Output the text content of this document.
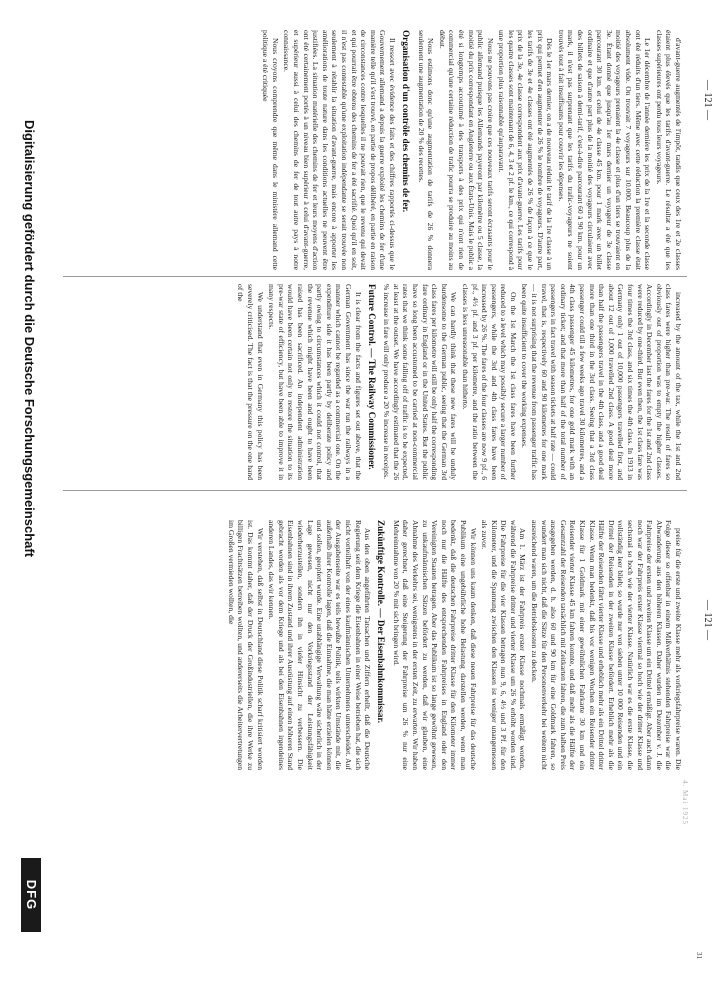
— 121 —
— 121 —
31
4. Mai 1925

d'avant-guerre augmentés de l'impôt, tandis que ceux des 1re et 2e classes étaient plus élevés que les tarifs d'avant-guerre. Le résultat a été que les classes supérieures ont perdu tous leurs voyageurs.

Le 1er décembre de l'année dernière les prix de la 1re et la seconde classe ont été réduits d'un tiers. Même avec cette réduction la première classe était absolument vide. On trouvait 7 voyageurs sur 10.000. Beaucoup plus de la moitié des voyageurs prenaient la 4e classe et plus d'un tiers se trouvaient en 3e. Étant donné que jusqu'au 1er mars dernier un voyageur de 3e classe parcourant 30 km. et celui de 4e classe 45 km. pour 1 mark avec un billet ordinaire et que d'autre part plus de la moitié des voyageurs circulaient avec des billets de saison à demi-tarif, c'est-à-dire parcourant 60 à 90 km. pour un mark, il n'est pas surprenant que les tarifs du trafic-voyageurs ne soient trouvés tout à fait insuffisants pour couvrir les dépenses.

Dès le 1er mars dernier, on a de nouveau réduit le tarif de la 1re classe à un prix qui permet d'en augmenter de 26 % le nombre de voyageurs. D'autre part, les tarifs de 3e et 4e classes ont été augmentés de 26 % de façon à ce que le prix de la 3e, 4e classe correspondent aux prix d'avant-guerre. Les tarifs pour les quatre classes sont maintenant de 6, 4, 3 et 2 pf. le km., ce qui correspond à une proportion plus raisonnable qu'auparavant.

Nous ne pouvons pas croire que ces nouveaux tarifs seront écrasants pour le public allemand puisque les Allemands payeront par kilomètre ou 5 classe, la moitié du prix correspondant en Angleterre ou aux États-Unis. Mais le public a été si longtemps accoutumé à des transports à des prix qui n'ont rien de commercial qu'une certaine réduction de trafic pourra se produire au moins au début.

Nous estimons donc qu'une augmentation de tarifs de 26 % donnera seulement une augmentation de 20 % des recettes.

Organisation d'un contrôle des chemins de fer.

Il ressort avec évidence des faits et des chiffres rapportés ci-dessus que le Gouvernement allemand a depuis la guerre exploité les chemins de fer d'une manière telle qu'il s'est trouvé, en partie de propos délibéré, en partie en raison de circonstances contre lesquelles il ne pouvait rien, que le revenu qui devait et qui pourrait être obtenu des chemins de fer a été sacrifié. Quoi qu'il en soit, il n'est pas contestable qu'une exploitation indépendante se serait trouvée non seulement à rétablir la situation d'avant-guerre, mais encore à apporter les améliorations de toute nature dans les conditions actuelles ne peuvent être justifiées. La situation matérielle des chemins de fer et leurs moyens d'action ont été certainement portés à un niveau bien supérieur à celui d'avant-guerre, et supérieur aussi à celui des chemins de fer de tout autre pays à notre connaissance.

Nous croyons comprendre que même dans le ministère allemand cette politique a été critiquée

increased by the amount of the tax, while the 1st and 2nd class fares were higher than pre-war. The result of fares so obviously out of proportion was to empty the higher classes. Accordingly in December last the fares for the 1st and 2nd class were reduced by one-third. But even then, the 1st class fare was four times the 3rd class, and six times the 4th class. In 1913 in Germany only 1 out of 10,000 passengers travelled first, and about 12 out of 1,000 travelled 2nd class. A good deal more than half the passengers travel in the 4th class, and a good deal more than one third in the 3rd class. Seeing that a 3rd class passenger could till a few weeks ago travel 30 kilometres, and a 4th class passenger 45 kilometres, for one gold mark with an ordinary ticket; and that more than half of the total number of passengers in fact travel with season tickets at half rate — could travel, that is, respectively 60 and 90 kilometres for one mark — it is not surprising that the revenue from passenger traffic has been quite insufficient to cover the working expenses.

On the 1st March the 1st class fares have been further reduced to a level which may possibly secure a larger number of passengers, while the 3rd and 4th class fares have been increased by 26 %. The fares of the four classes are now 9 pf., 6 pf., 4½ pf. and 3 pf. per kilometre, and the ratio between the classes is less unreasonable than hitherto.

We can hardly think that these new fares will be unduly burdensome to the German public, seeing that the German 3rd class fares per kilometre will still be only half the corresponding fare ordinary in England or in the United States. But the public have so long been accustomed to be carried at non-commercial rates that we think some falling off of traffic is to be expected, at least at the outset. We have accordingly estimated that the 26 % increase in fare will only produce a 20 % increase in receipts.

Future Control. — The Railway Commissioner.

It is clear from the facts and figures set out above, that the German Government has since the war run the railways in a manner which cannot be regarded as a commercial one. On the expenditure side it has been partly by deliberate policy and partly owing to circumstances which it could not control, that the revenue which might have been and ought to have been raised has been sacrificed. An independent administration would have been certain not only to restore the situation to its pre-war state of efficiency, but have been able to improve it in many respects.

We understand that even in Germany this policy has been severely criticised. The fact is that the pressure on the one hand of the

preise für die erste und zweite Klasse mehr als vorkriegsfahrpreise waren. Die Folge dieser so offenbar in einem Mißverhältnis stehenden Fahrpreise war die Abwanderung aus den höheren Klassen. Daher wurden im Dezember v. J. die Fahrpreise der ersten und zweiten Klasse um ein Drittel ermäßigt. Aber auch dann noch war der Fahrpreis erster Klasse viermal so hoch wie der dritter Klasse und sechsmal so hoch wie der vierter Klasse. Natürlich war es die erste Klasse, die vollständig leer blieb; so wurde nur von sieben unter 10 000 Reisenden und ein Drittel der Reisenden in der zweiten Klasse befördert. Erheblich mehr als die Hälfte der Reisenden fährt vierter Klasse und erheblich mehr als ein Drittel dritter Klasse. Wenn man bedenkt, daß bis vor wenigen Wochen ein Reisender dritter Klasse für 1 Goldmark mit einer gewöhnlichen Fahrkarte 30 km und ein Reisender vierter Klasse 45 km fahren konnte, und daß mehr als die Hälfte der Gesamtzahl der Reisenden tatsächlich mit Zeitkarten fahren, die zum halben Preis ausgegeben werden, d. h. also 60 und 90 km für eine Goldmark fahren, so wundert man sich nicht, daß die Sätze für den Personenverkehr bei weitem nicht ausreichend waren, um die Betriebskosten zu decken.

Am 1. März ist der Fahrpreis erster Klasse nochmals ermäßigt worden, während die Fahrpreise dritter und vierter Klasse um 26 % erhöht worden sind. Die Fahrpreise für die vier Klassen betragen nun 9, 6, 4½ und 3 Pf. für den Kilometer, und die Spannung zwischen den Klassen ist weniger unangemessen als zuvor.

Wir können uns kaum denken, daß diese neuen Fahrpreise für das deutsche Publikum eine ungebührliche hohe Belastung darstellen werden, wenn man bedenkt, daß die deutschen Fahrpreise dritter Klasse für den Kilometer immer noch nur die Hälfte des entsprechenden Fahrpreises in England oder den Vereinigten Staaten betragen. Aber das Publikum ist so lange gewöhnt gewesen, zu unkaufmännischen Sätzen befördert zu werden, daß wir glauben, eine Abnahme des Verkehrs sei, wenigstens in der ersten Zeit, zu erwarten. Wir haben daher gerechnet, daß eine Steigerung der Fahrpreise um 26 % nur eine Mehreinnahme von 20 % mit sich bringen wird.

Zukünftige Kontrolle. — Der Eisenbahnkommissar.

Aus den oben angeführten Tatsachen und Ziffern erhellt, daß die Deutsche Regierung seit dem Kriege die Eisenbahnen in einer Weise betrieben hat, die sich nicht vorteilhaft von der eines kaufmännischen Unternehmens unterscheidet. Auf der Ausgabenseite war es teils bewußte Politik, teils wirkten Umstände mit, die außerhalb ihrer Kontrolle lagen, daß die Einnahme, die man hätte erzielen können und sollen, geopfert wurde. Eine unabhängige Verwaltung wäre sicherlich in der Lage gewesen, nicht nur den Vorkriegsstand der Leistungsfähigkeit wiederherzustellen, sondern ihn in vieler Hinsicht zu verbessern. Die Eisenbahnen sind in ihrem Zustand und ihrer Ausrüstung auf einen höheren Stand gebracht worden als vor dem Kriege und als bei den Eisenbahnen irgendeines anderen Landes, das wir kennen.

Wir verstehen, daß selbst in Deutschland diese Politik scharf kritisiert worden ist. Das kommt daher, daß der Druck der Großindustriellen, die ihre Werke zu billigen Frachtsätzen betreiben wollten, und andererseits die Arbeitervertretungen im Großen vermieden wollten, die

Digitalisierung gefördert durch die Deutsche Forschungsgemeinschaft
DFG
